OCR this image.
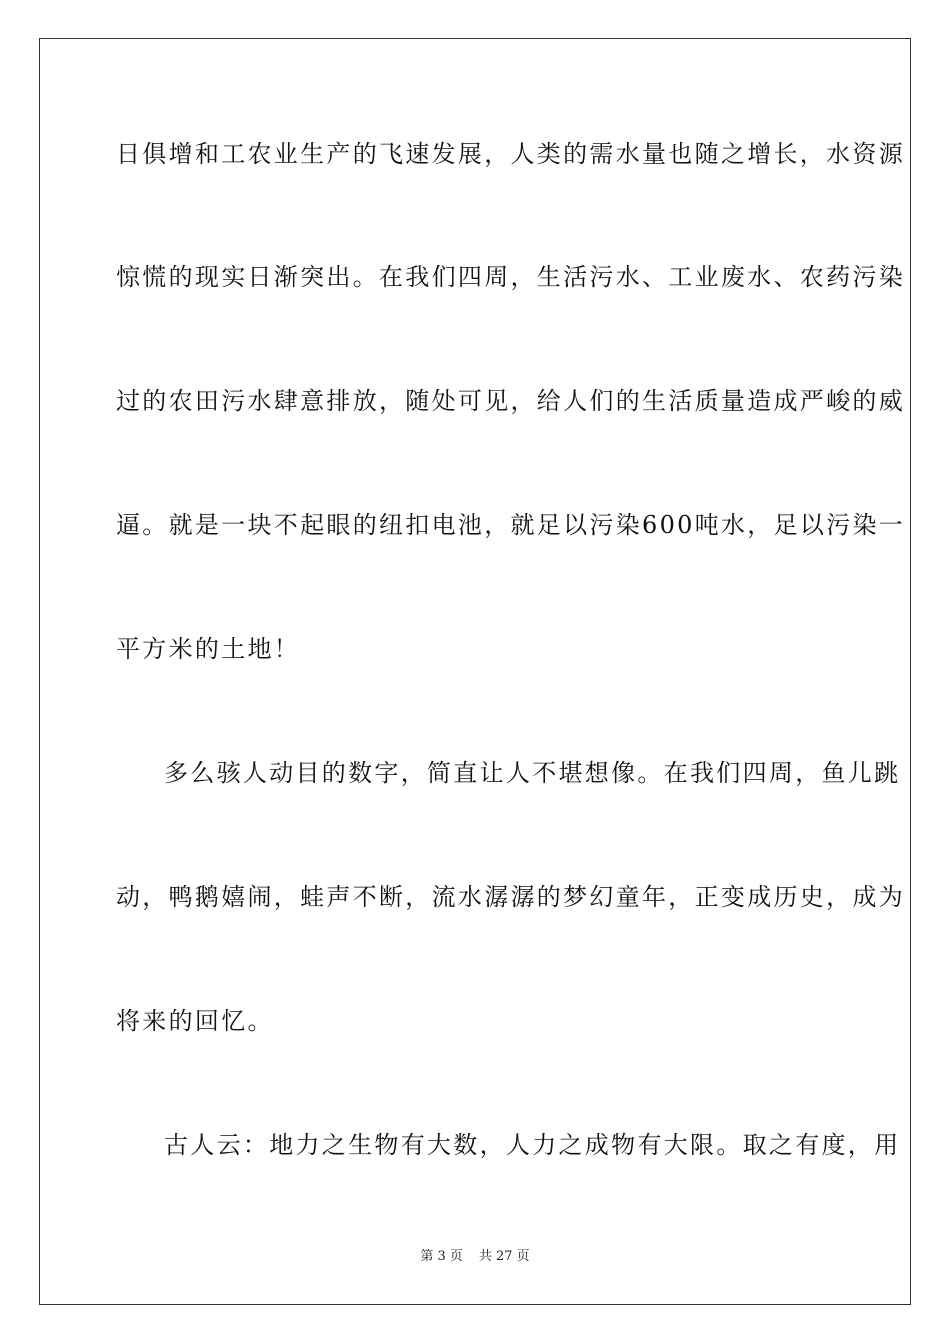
日俱增和工农业生产的飞速发展，人类的需水量也随之增长，水资源
惊慌的现实日渐突出。在我们四周，生活污水、工业废水、农药污染
过的农田污水肆意排放，随处可见，给人们的生活质量造成严峻的威
逼。就是一块不起眼的纽扣电池，就足以污染600吨水，足以污染一
平方米的土地！
多么骇人动目的数字，简直让人不堪想像。在我们四周，鱼儿跳
动，鸭鹅嬉闹，蛙声不断，流水潺潺的梦幻童年，正变成历史，成为
将来的回忆。
古人云：地力之生物有大数，人力之成物有大限。取之有度，用
第 3 页 共 27 页
